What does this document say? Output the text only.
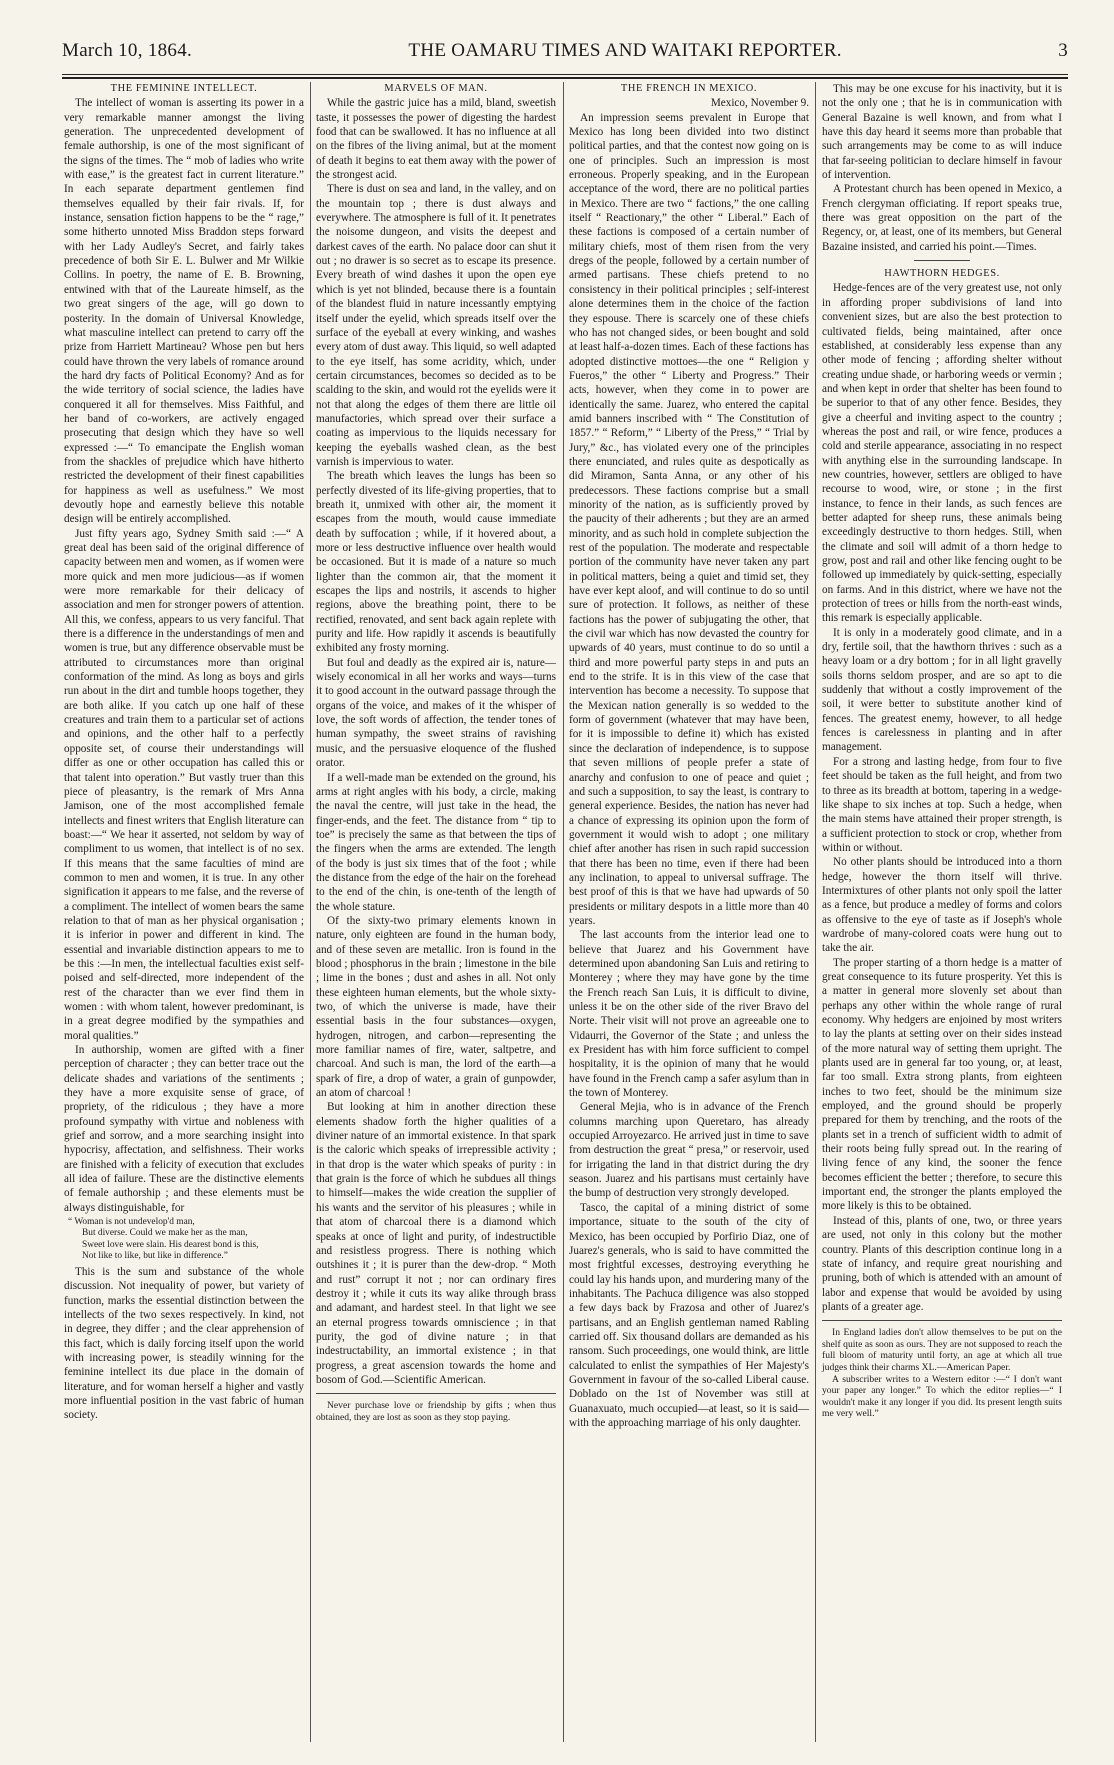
March 10, 1864.	THE OAMARU TIMES AND WAITAKI REPORTER.	3

THE FEMININE INTELLECT.

The intellect of woman is asserting its power in a very remarkable manner amongst the living generation. The unprecedented development of female authorship, is one of the most significant of the signs of the times. The “ mob of ladies who write with ease,” is the greatest fact in current literature.” In each separate department gentlemen find themselves equalled by their fair rivals. If, for instance, sensation fiction happens to be the “ rage,” some hitherto unnoted Miss Braddon steps forward with her Lady Audley's Secret, and fairly takes precedence of both Sir E. L. Bulwer and Mr Wilkie Collins. In poetry, the name of E. B. Browning, entwined with that of the Laureate himself, as the two great singers of the age, will go down to posterity. In the domain of Universal Knowledge, what masculine intellect can pretend to carry off the prize from Harriett Martineau? Whose pen but hers could have thrown the very labels of romance around the hard dry facts of Political Economy? And as for the wide territory of social science, the ladies have conquered it all for themselves. Miss Faithful, and her band of co-workers, are actively engaged prosecuting that design which they have so well expressed :—“ To emancipate the English woman from the shackles of prejudice which have hitherto restricted the development of their finest capabilities for happiness as well as usefulness.” We most devoutly hope and earnestly believe this notable design will be entirely accomplished.

Just fifty years ago, Sydney Smith said :—“ A great deal has been said of the original difference of capacity between men and women, as if women were more quick and men more judicious—as if women were more remarkable for their delicacy of association and men for stronger powers of attention. All this, we confess, appears to us very fanciful. That there is a difference in the understandings of men and women is true, but any difference observable must be attributed to circumstances more than original conformation of the mind. As long as boys and girls run about in the dirt and tumble hoops together, they are both alike. If you catch up one half of these creatures and train them to a particular set of actions and opinions, and the other half to a perfectly opposite set, of course their understandings will differ as one or other occupation has called this or that talent into operation.” But vastly truer than this piece of pleasantry, is the remark of Mrs Anna Jamison, one of the most accomplished female intellects and finest writers that English literature can boast:—“ We hear it asserted, not seldom by way of compliment to us women, that intellect is of no sex. If this means that the same faculties of mind are common to men and women, it is true. In any other signification it appears to me false, and the reverse of a compliment. The intellect of women bears the same relation to that of man as her physical organisation ; it is inferior in power and different in kind. The essential and invariable distinction appears to me to be this :—In men, the intellectual faculties exist self-poised and self-directed, more independent of the rest of the character than we ever find them in women : with whom talent, however predominant, is in a great degree modified by the sympathies and moral qualities.”

In authorship, women are gifted with a finer perception of character ; they can better trace out the delicate shades and variations of the sentiments ; they have a more exquisite sense of grace, of propriety, of the ridiculous ; they have a more profound sympathy with virtue and nobleness with grief and sorrow, and a more searching insight into hypocrisy, affectation, and selfishness. Their works are finished with a felicity of execution that excludes all idea of failure. These are the distinctive elements of female authorship ; and these elements must be always distinguishable, for

“ Woman is not undevelop'd man,
But diverse. Could we make her as the man,
Sweet love were slain. His dearest bond is this,
Not like to like, but like in difference.”

This is the sum and substance of the whole discussion. Not inequality of power, but variety of function, marks the essential distinction between the intellects of the two sexes respectively. In kind, not in degree, they differ ; and the clear apprehension of this fact, which is daily forcing itself upon the world with increasing power, is steadily winning for the feminine intellect its due place in the domain of literature, and for woman herself a higher and vastly more influential position in the vast fabric of human society.

MARVELS OF MAN.

While the gastric juice has a mild, bland, sweetish taste, it possesses the power of digesting the hardest food that can be swallowed. It has no influence at all on the fibres of the living animal, but at the moment of death it begins to eat them away with the power of the strongest acid.

There is dust on sea and land, in the valley, and on the mountain top ; there is dust always and everywhere. The atmosphere is full of it. It penetrates the noisome dungeon, and visits the deepest and darkest caves of the earth. No palace door can shut it out ; no drawer is so secret as to escape its presence. Every breath of wind dashes it upon the open eye which is yet not blinded, because there is a fountain of the blandest fluid in nature incessantly emptying itself under the eyelid, which spreads itself over the surface of the eyeball at every winking, and washes every atom of dust away. This liquid, so well adapted to the eye itself, has some acridity, which, under certain circumstances, becomes so decided as to be scalding to the skin, and would rot the eyelids were it not that along the edges of them there are little oil manufactories, which spread over their surface a coating as impervious to the liquids necessary for keeping the eyeballs washed clean, as the best varnish is impervious to water.

The breath which leaves the lungs has been so perfectly divested of its life-giving properties, that to breath it, unmixed with other air, the moment it escapes from the mouth, would cause immediate death by suffocation ; while, if it hovered about, a more or less destructive influence over health would be occasioned. But it is made of a nature so much lighter than the common air, that the moment it escapes the lips and nostrils, it ascends to higher regions, above the breathing point, there to be rectified, renovated, and sent back again replete with purity and life. How rapidly it ascends is beautifully exhibited any frosty morning.

But foul and deadly as the expired air is, nature—wisely economical in all her works and ways—turns it to good account in the outward passage through the organs of the voice, and makes of it the whisper of love, the soft words of affection, the tender tones of human sympathy, the sweet strains of ravishing music, and the persuasive eloquence of the flushed orator.

If a well-made man be extended on the ground, his arms at right angles with his body, a circle, making the naval the centre, will just take in the head, the finger-ends, and the feet. The distance from “ tip to toe” is precisely the same as that between the tips of the fingers when the arms are extended. The length of the body is just six times that of the foot ; while the distance from the edge of the hair on the forehead to the end of the chin, is one-tenth of the length of the whole stature.

Of the sixty-two primary elements known in nature, only eighteen are found in the human body, and of these seven are metallic. Iron is found in the blood ; phosphorus in the brain ; limestone in the bile ; lime in the bones ; dust and ashes in all. Not only these eighteen human elements, but the whole sixty-two, of which the universe is made, have their essential basis in the four substances—oxygen, hydrogen, nitrogen, and carbon—representing the more familiar names of fire, water, saltpetre, and charcoal. And such is man, the lord of the earth—a spark of fire, a drop of water, a grain of gunpowder, an atom of charcoal !

But looking at him in another direction these elements shadow forth the higher qualities of a diviner nature of an immortal existence. In that spark is the caloric which speaks of irrepressible activity ; in that drop is the water which speaks of purity : in that grain is the force of which he subdues all things to himself—makes the wide creation the supplier of his wants and the servitor of his pleasures ; while in that atom of charcoal there is a diamond which speaks at once of light and purity, of indestructible and resistless progress. There is nothing which outshines it ; it is purer than the dew-drop. “ Moth and rust” corrupt it not ; nor can ordinary fires destroy it ; while it cuts its way alike through brass and adamant, and hardest steel. In that light we see an eternal progress towards omniscience ; in that purity, the god of divine nature ; in that indestructability, an immortal existence ; in that progress, a great ascension towards the home and bosom of God.—Scientific American.

Never purchase love or friendship by gifts ; when thus obtained, they are lost as soon as they stop paying.

THE FRENCH IN MEXICO.

Mexico, November 9.

An impression seems prevalent in Europe that Mexico has long been divided into two distinct political parties, and that the contest now going on is one of principles. Such an impression is most erroneous. Properly speaking, and in the European acceptance of the word, there are no political parties in Mexico. There are two “ factions,” the one calling itself “ Reactionary,” the other “ Liberal.” Each of these factions is composed of a certain number of military chiefs, most of them risen from the very dregs of the people, followed by a certain number of armed partisans. These chiefs pretend to no consistency in their political principles ; self-interest alone determines them in the choice of the faction they espouse. There is scarcely one of these chiefs who has not changed sides, or been bought and sold at least half-a-dozen times. Each of these factions has adopted distinctive mottoes—the one “ Religion y Fueros,” the other “ Liberty and Progress.” Their acts, however, when they come in to power are identically the same. Juarez, who entered the capital amid banners inscribed with “ The Constitution of 1857.” “ Reform,” “ Liberty of the Press,” “ Trial by Jury,” &c., has violated every one of the principles there enunciated, and rules quite as despotically as did Miramon, Santa Anna, or any other of his predecessors. These factions comprise but a small minority of the nation, as is sufficiently proved by the paucity of their adherents ; but they are an armed minority, and as such hold in complete subjection the rest of the population. The moderate and respectable portion of the community have never taken any part in political matters, being a quiet and timid set, they have ever kept aloof, and will continue to do so until sure of protection. It follows, as neither of these factions has the power of subjugating the other, that the civil war which has now devasted the country for upwards of 40 years, must continue to do so until a third and more powerful party steps in and puts an end to the strife. It is in this view of the case that intervention has become a necessity. To suppose that the Mexican nation generally is so wedded to the form of government (whatever that may have been, for it is impossible to define it) which has existed since the declaration of independence, is to suppose that seven millions of people prefer a state of anarchy and confusion to one of peace and quiet ; and such a supposition, to say the least, is contrary to general experience. Besides, the nation has never had a chance of expressing its opinion upon the form of government it would wish to adopt ; one military chief after another has risen in such rapid succession that there has been no time, even if there had been any inclination, to appeal to universal suffrage. The best proof of this is that we have had upwards of 50 presidents or military despots in a little more than 40 years.

The last accounts from the interior lead one to believe that Juarez and his Government have determined upon abandoning San Luis and retiring to Monterey ; where they may have gone by the time the French reach San Luis, it is difficult to divine, unless it be on the other side of the river Bravo del Norte. Their visit will not prove an agreeable one to Vidaurri, the Governor of the State ; and unless the ex President has with him force sufficient to compel hospitality, it is the opinion of many that he would have found in the French camp a safer asylum than in the town of Monterey.

General Mejia, who is in advance of the French columns marching upon Queretaro, has already occupied Arroyezarco. He arrived just in time to save from destruction the great “ presa,” or reservoir, used for irrigating the land in that district during the dry season. Juarez and his partisans must certainly have the bump of destruction very strongly developed.

Tasco, the capital of a mining district of some importance, situate to the south of the city of Mexico, has been occupied by Porfirio Diaz, one of Juarez's generals, who is said to have committed the most frightful excesses, destroying everything he could lay his hands upon, and murdering many of the inhabitants. The Pachuca diligence was also stopped a few days back by Frazosa and other of Juarez's partisans, and an English gentleman named Rabling carried off. Six thousand dollars are demanded as his ransom. Such proceedings, one would think, are little calculated to enlist the sympathies of Her Majesty's Government in favour of the so-called Liberal cause. Doblado on the 1st of November was still at Guanaxuato, much occupied—at least, so it is said—with the approaching marriage of his only daughter.

This may be one excuse for his inactivity, but it is not the only one ; that he is in communication with General Bazaine is well known, and from what I have this day heard it seems more than probable that such arrangements may be come to as will induce that far-seeing politician to declare himself in favour of intervention.

A Protestant church has been opened in Mexico, a French clergyman officiating. If report speaks true, there was great opposition on the part of the Regency, or, at least, one of its members, but General Bazaine insisted, and carried his point.—Times.

HAWTHORN HEDGES.

Hedge-fences are of the very greatest use, not only in affording proper subdivisions of land into convenient sizes, but are also the best protection to cultivated fields, being maintained, after once established, at considerably less expense than any other mode of fencing ; affording shelter without creating undue shade, or harboring weeds or vermin ; and when kept in order that shelter has been found to be superior to that of any other fence. Besides, they give a cheerful and inviting aspect to the country ; whereas the post and rail, or wire fence, produces a cold and sterile appearance, associating in no respect with anything else in the surrounding landscape. In new countries, however, settlers are obliged to have recourse to wood, wire, or stone ; in the first instance, to fence in their lands, as such fences are better adapted for sheep runs, these animals being exceedingly destructive to thorn hedges. Still, when the climate and soil will admit of a thorn hedge to grow, post and rail and other like fencing ought to be followed up immediately by quick-setting, especially on farms. And in this district, where we have not the protection of trees or hills from the north-east winds, this remark is especially applicable.

It is only in a moderately good climate, and in a dry, fertile soil, that the hawthorn thrives : such as a heavy loam or a dry bottom ; for in all light gravelly soils thorns seldom prosper, and are so apt to die suddenly that without a costly improvement of the soil, it were better to substitute another kind of fences. The greatest enemy, however, to all hedge fences is carelessness in planting and in after management.

For a strong and lasting hedge, from four to five feet should be taken as the full height, and from two to three as its breadth at bottom, tapering in a wedge-like shape to six inches at top. Such a hedge, when the main stems have attained their proper strength, is a sufficient protection to stock or crop, whether from within or without.

No other plants should be introduced into a thorn hedge, however the thorn itself will thrive. Intermixtures of other plants not only spoil the latter as a fence, but produce a medley of forms and colors as offensive to the eye of taste as if Joseph's whole wardrobe of many-colored coats were hung out to take the air.

The proper starting of a thorn hedge is a matter of great consequence to its future prosperity. Yet this is a matter in general more slovenly set about than perhaps any other within the whole range of rural economy. Why hedgers are enjoined by most writers to lay the plants at setting over on their sides instead of the more natural way of setting them upright. The plants used are in general far too young, or, at least, far too small. Extra strong plants, from eighteen inches to two feet, should be the minimum size employed, and the ground should be properly prepared for them by trenching, and the roots of the plants set in a trench of sufficient width to admit of their roots being fully spread out. In the rearing of living fence of any kind, the sooner the fence becomes efficient the better ; therefore, to secure this important end, the stronger the plants employed the more likely is this to be obtained.

Instead of this, plants of one, two, or three years are used, not only in this colony but the mother country. Plants of this description continue long in a state of infancy, and require great nourishing and pruning, both of which is attended with an amount of labor and expense that would be avoided by using plants of a greater age.

In England ladies don't allow themselves to be put on the shelf quite as soon as ours. They are not supposed to reach the full bloom of maturity until forty, an age at which all true judges think their charms XL.—American Paper.

A subscriber writes to a Western editor :—“ I don't want your paper any longer.” To which the editor replies—“ I wouldn't make it any longer if you did. Its present length suits me very well.”
